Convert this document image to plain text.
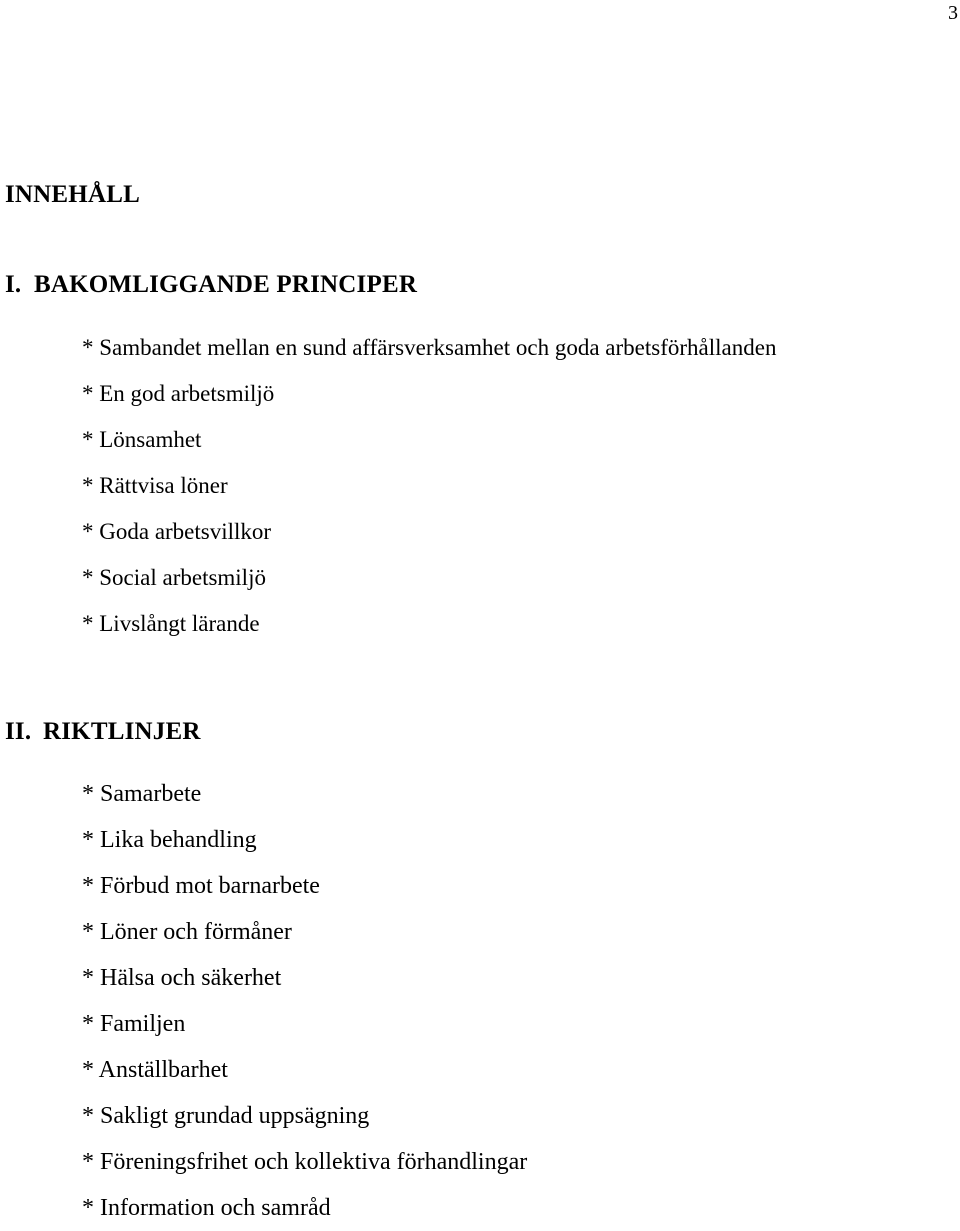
3
INNEHÅLL
I. BAKOMLIGGANDE PRINCIPER
* Sambandet mellan en sund affärsverksamhet och goda arbetsförhållanden
* En god arbetsmiljö
* Lönsamhet
* Rättvisa löner
* Goda arbetsvillkor
* Social arbetsmiljö
* Livslångt lärande
II. RIKTLINJER
* Samarbete
* Lika behandling
* Förbud mot barnarbete
* Löner och förmåner
* Hälsa och säkerhet
* Familjen
* Anställbarhet
* Sakligt grundad uppsägning
* Föreningsfrihet och kollektiva förhandlingar
* Information och samråd
